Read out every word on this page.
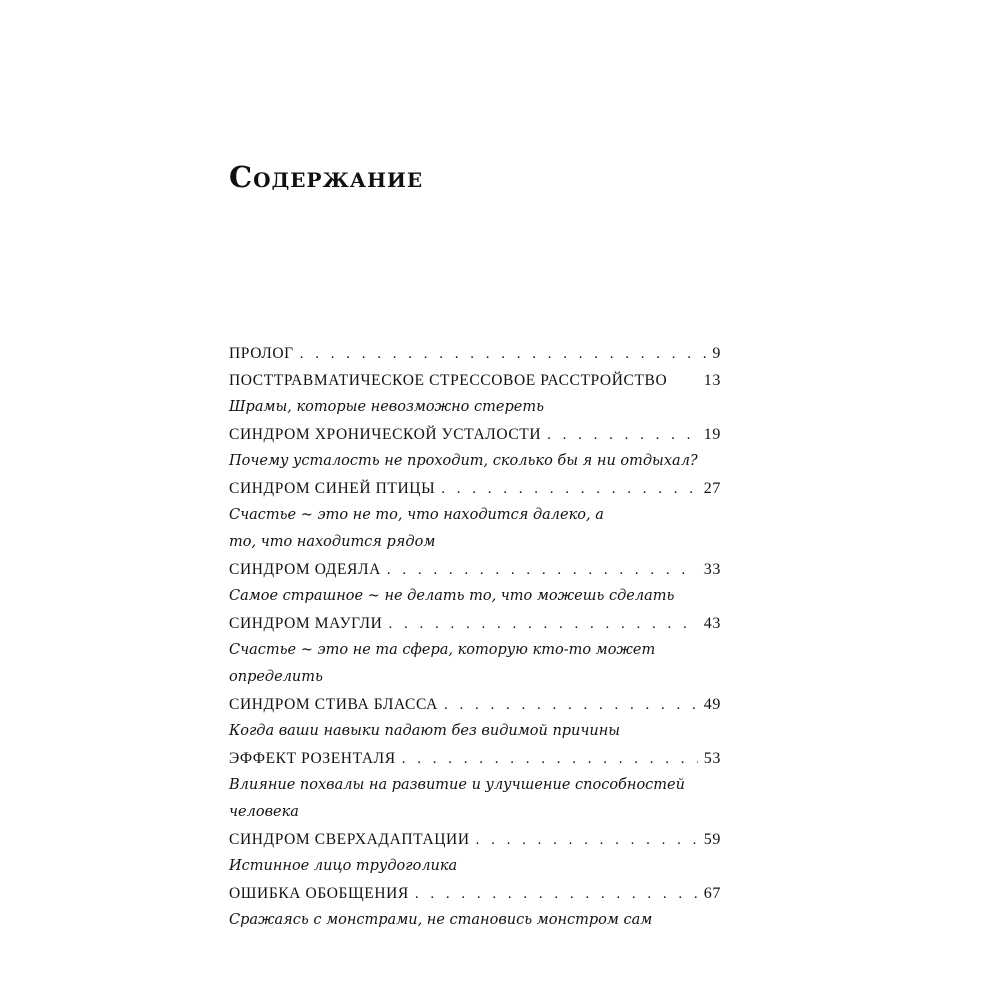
Содержание
ПРОЛОГ . . .	9
ПОСТТРАВМАТИЧЕСКОЕ СТРЕССОВОЕ РАССТРОЙСТВО 13
Шрамы, которые невозможно стереть
СИНДРОМ ХРОНИЧЕСКОЙ УСТАЛОСТИ . . .	19
Почему усталость не проходит, сколько бы я ни отдыхал?
СИНДРОМ СИНЕЙ ПТИЦЫ . . .	27
Счастье ~ это не то, что находится далеко, а то, что находится рядом
СИНДРОМ ОДЕЯЛА . . .	33
Самое страшное ~ не делать то, что можешь сделать
СИНДРОМ МАУГЛИ . . .	43
Счастье ~ это не та сфера, которую кто-то может определить
СИНДРОМ СТИВА БЛАССА . . .	49
Когда ваши навыки падают без видимой причины
ЭФФЕКТ РОЗЕНТАЛЯ . . .	53
Влияние похвалы на развитие и улучшение способностей человека
СИНДРОМ СВЕРХАДАПТАЦИИ . . .	59
Истинное лицо трудоголика
ОШИБКА ОБОБЩЕНИЯ . . .	67
Сражаясь с монстрами, не становись монстром сам
